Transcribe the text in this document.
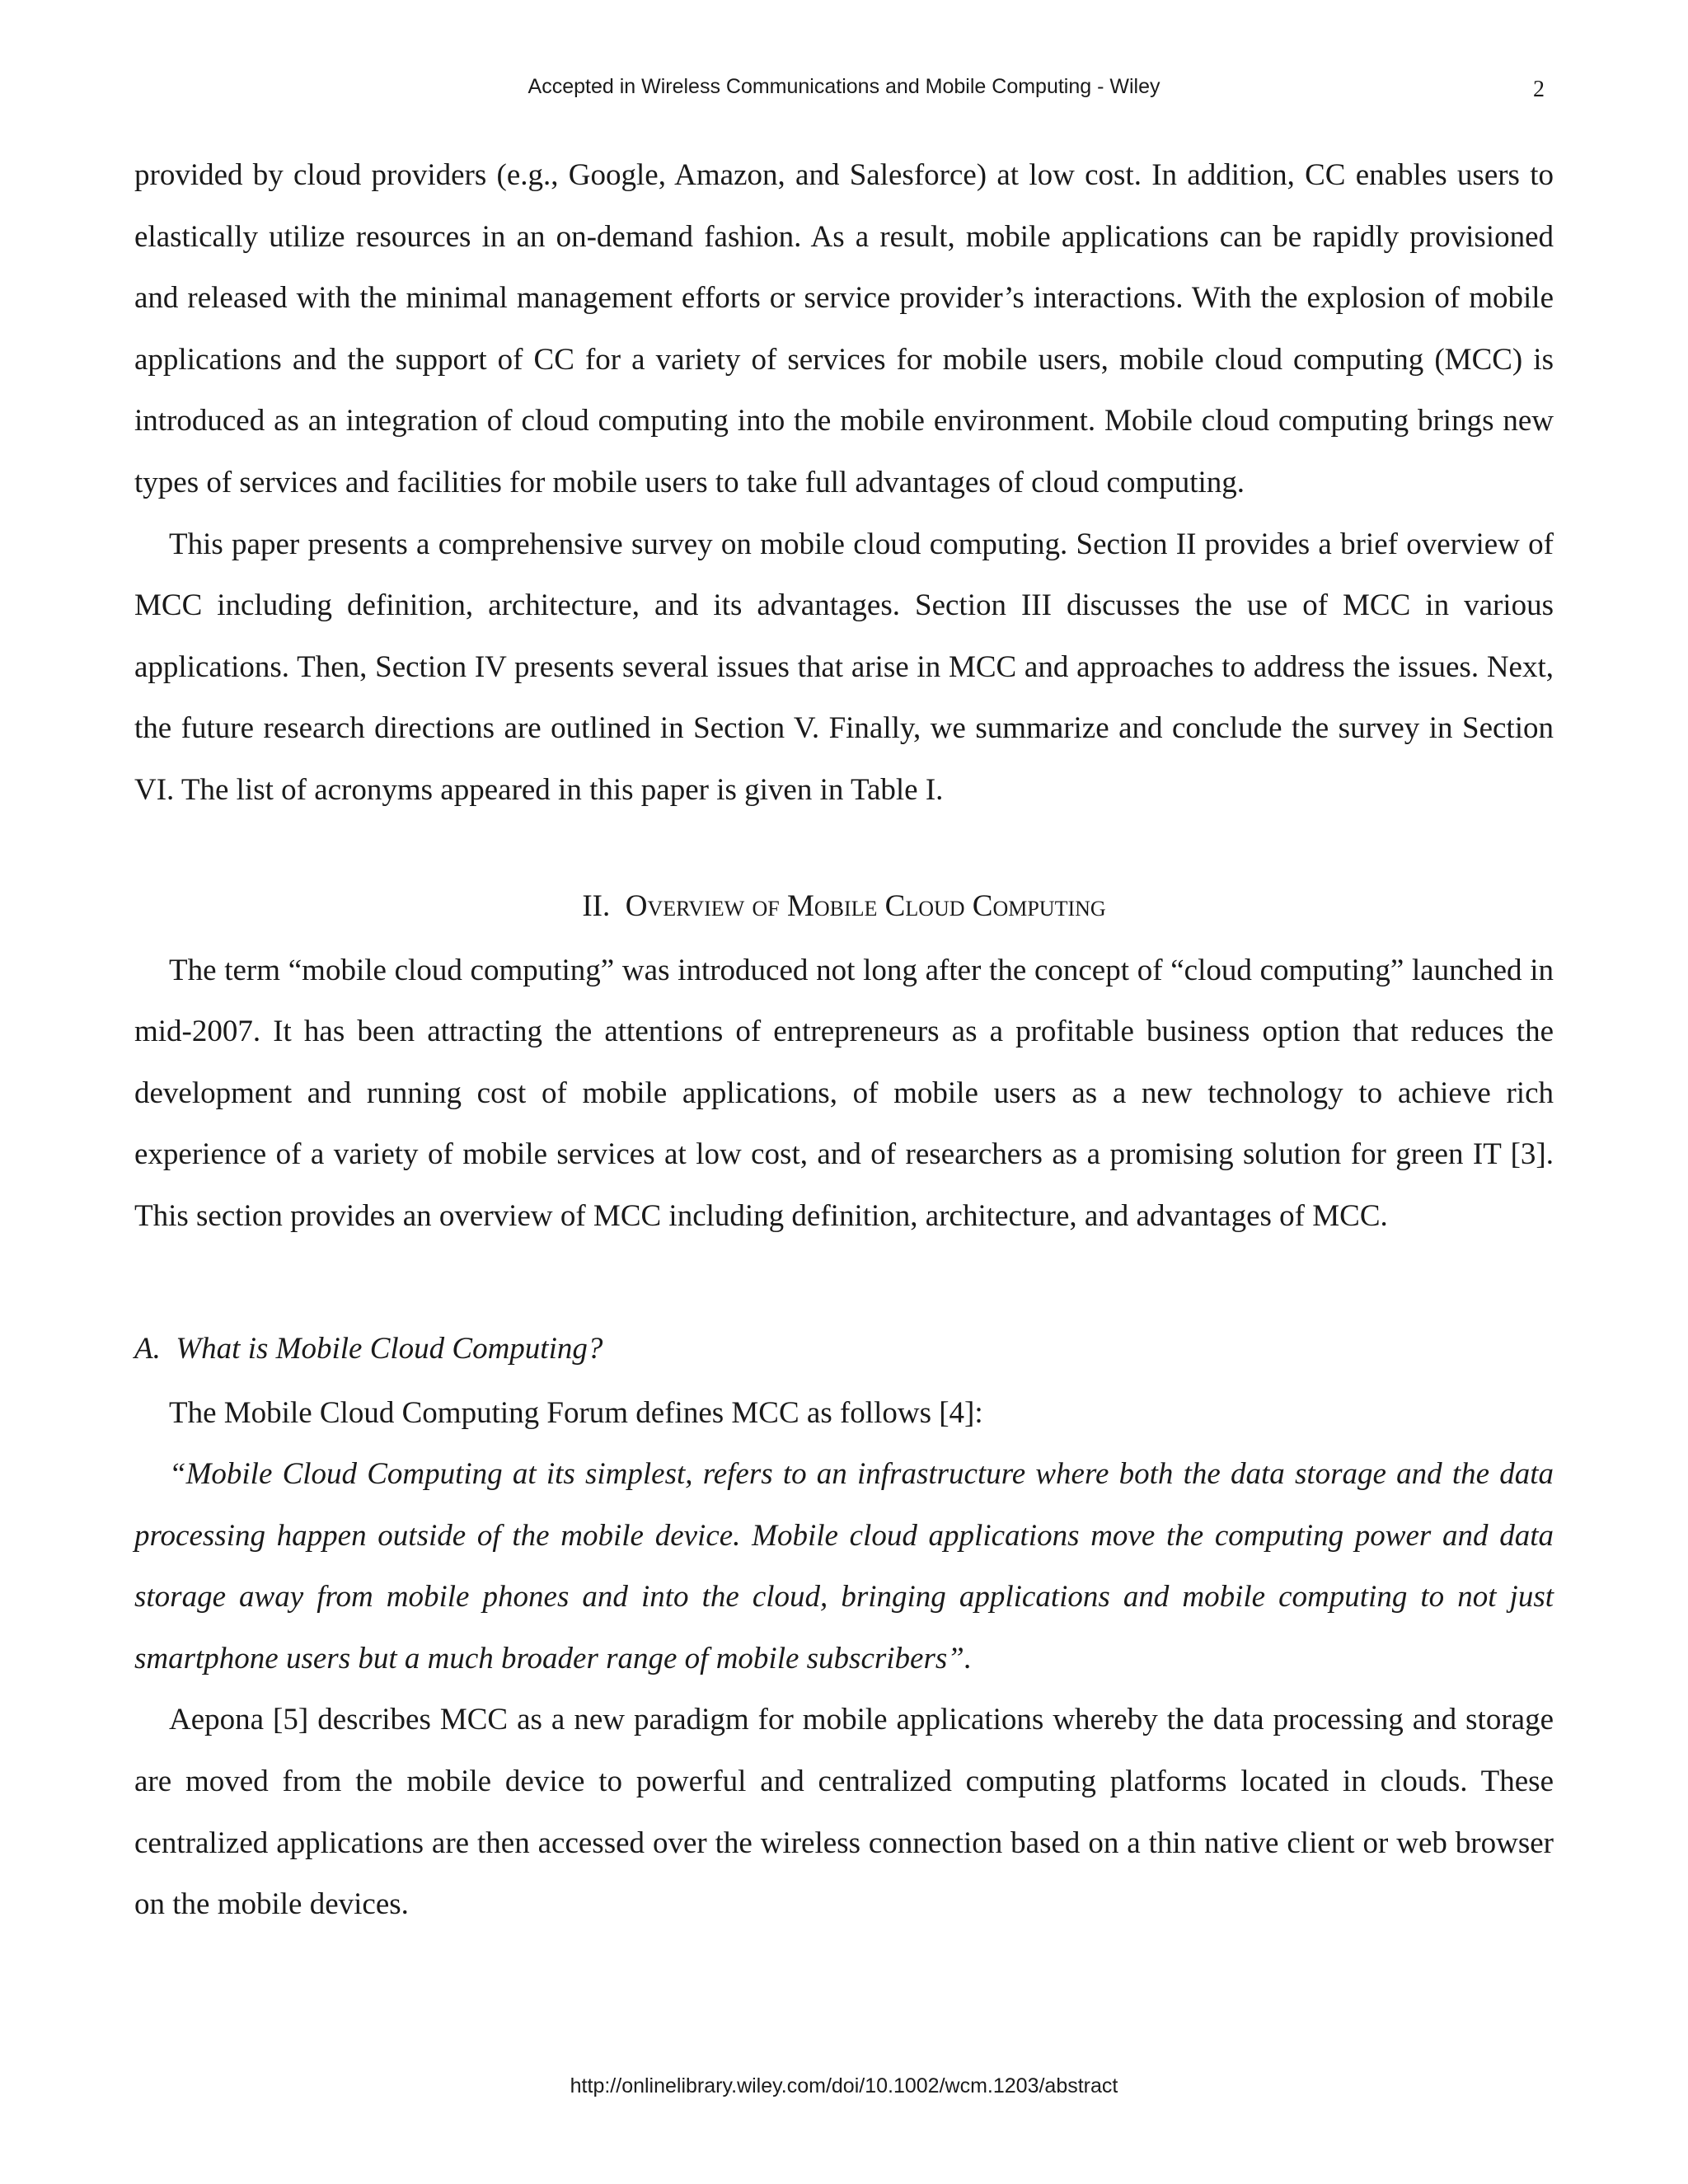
Accepted in Wireless Communications and Mobile Computing - Wiley	2

provided by cloud providers (e.g., Google, Amazon, and Salesforce) at low cost. In addition, CC enables users to elastically utilize resources in an on-demand fashion. As a result, mobile applications can be rapidly provisioned and released with the minimal management efforts or service provider’s interactions. With the explosion of mobile applications and the support of CC for a variety of services for mobile users, mobile cloud computing (MCC) is introduced as an integration of cloud computing into the mobile environment. Mobile cloud computing brings new types of services and facilities for mobile users to take full advantages of cloud computing.

This paper presents a comprehensive survey on mobile cloud computing. Section II provides a brief overview of MCC including definition, architecture, and its advantages. Section III discusses the use of MCC in various applications. Then, Section IV presents several issues that arise in MCC and approaches to address the issues. Next, the future research directions are outlined in Section V. Finally, we summarize and conclude the survey in Section VI. The list of acronyms appeared in this paper is given in Table I.

II. Overview of Mobile Cloud Computing

The term “mobile cloud computing” was introduced not long after the concept of “cloud computing” launched in mid-2007. It has been attracting the attentions of entrepreneurs as a profitable business option that reduces the development and running cost of mobile applications, of mobile users as a new technology to achieve rich experience of a variety of mobile services at low cost, and of researchers as a promising solution for green IT [3]. This section provides an overview of MCC including definition, architecture, and advantages of MCC.

A. What is Mobile Cloud Computing?

The Mobile Cloud Computing Forum defines MCC as follows [4]:

“Mobile Cloud Computing at its simplest, refers to an infrastructure where both the data storage and the data processing happen outside of the mobile device. Mobile cloud applications move the computing power and data storage away from mobile phones and into the cloud, bringing applications and mobile computing to not just smartphone users but a much broader range of mobile subscribers”.

Aepona [5] describes MCC as a new paradigm for mobile applications whereby the data processing and storage are moved from the mobile device to powerful and centralized computing platforms located in clouds. These centralized applications are then accessed over the wireless connection based on a thin native client or web browser on the mobile devices.

http://onlinelibrary.wiley.com/doi/10.1002/wcm.1203/abstract
